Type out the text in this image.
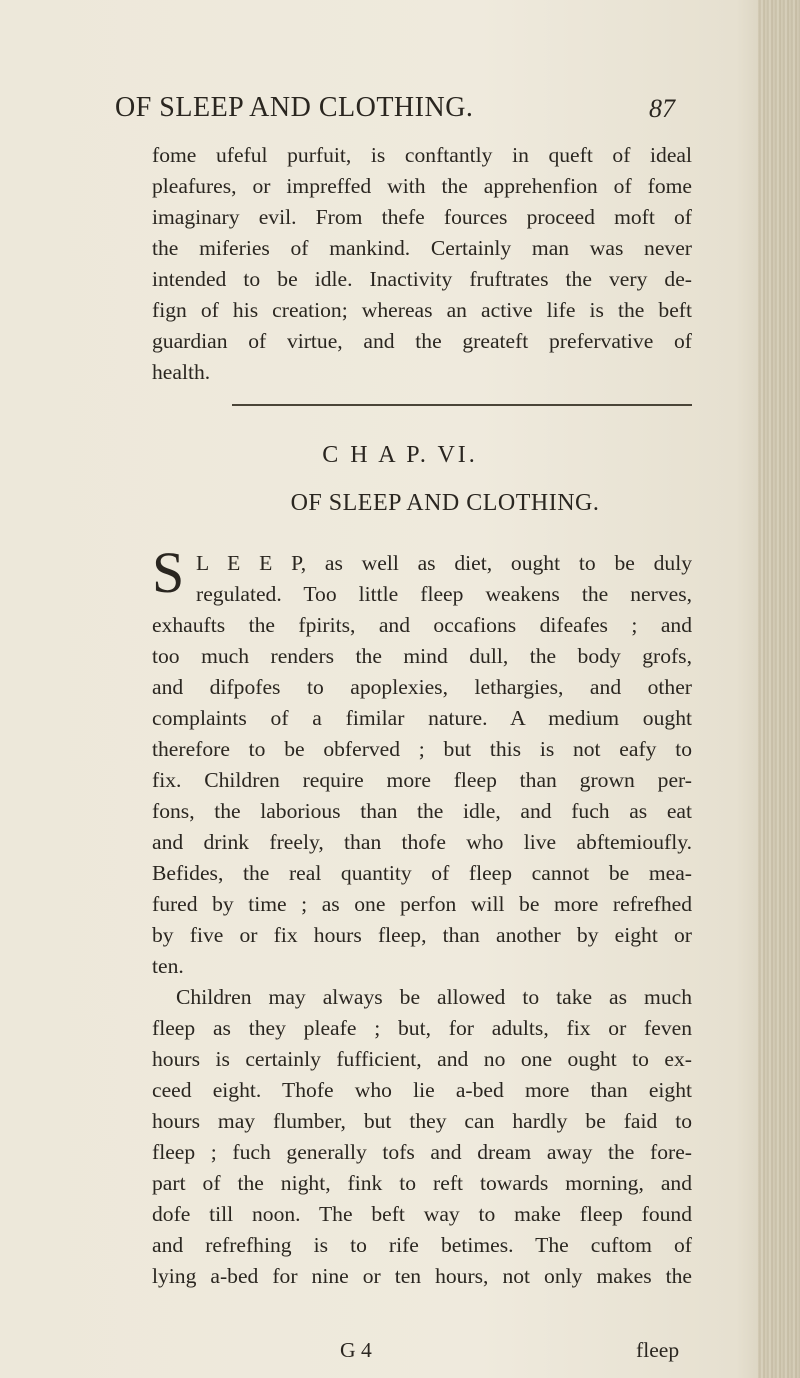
OF SLEEP AND CLOTHING.	87
fome ufeful purfuit, is conftantly in queft of ideal
pleafures, or impreffed with the apprehenfion of fome
imaginary evil. From thefe fources proceed moft of
the miferies of mankind. Certainly man was never
intended to be idle. Inactivity fruftrates the very de-
fign of his creation; whereas an active life is the beft
guardian of virtue, and the greateft prefervative of
health.
C H A P. VI.
OF SLEEP AND CLOTHING.
S L E E P, as well as diet, ought to be duly
regulated. Too little fleep weakens the nerves,
exhaufts the fpirits, and occafions difeafes ; and
too much renders the mind dull, the body grofs,
and difpofes to apoplexies, lethargies, and other
complaints of a fimilar nature. A medium ought
therefore to be obferved ; but this is not eafy to
fix. Children require more fleep than grown per-
fons, the laborious than the idle, and fuch as eat
and drink freely, than thofe who live abftemioufly.
Befides, the real quantity of fleep cannot be mea-
fured by time ; as one perfon will be more refrefhed
by five or fix hours fleep, than another by eight or
ten.
Children may always be allowed to take as much
fleep as they pleafe ; but, for adults, fix or feven
hours is certainly fufficient, and no one ought to ex-
ceed eight. Thofe who lie a-bed more than eight
hours may flumber, but they can hardly be faid to
fleep ; fuch generally tofs and dream away the fore-
part of the night, fink to reft towards morning, and
dofe till noon. The beft way to make fleep found
and refrefhing is to rife betimes. The cuftom of
lying a-bed for nine or ten hours, not only makes the
G 4	fleep
